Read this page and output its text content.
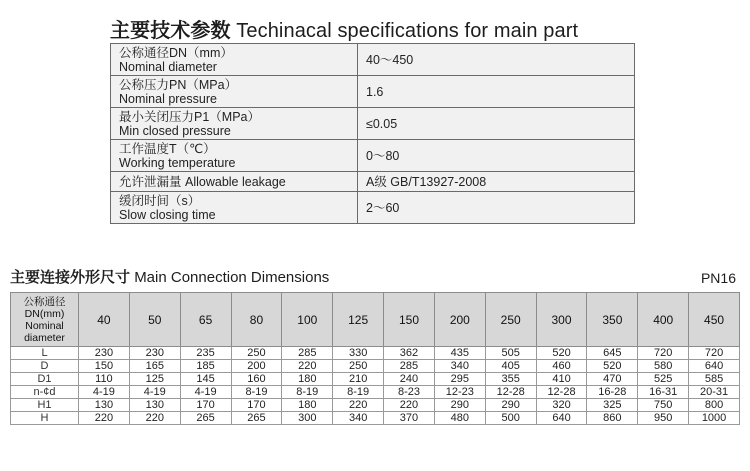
主要技术参数 Techinacal specifications for main part
公称通径DN（mm）
Nominal diameter	40～450

公称压力PN（MPa）
Nominal pressure	1.6

最小关闭压力P1（MPa）
Min closed pressure	≤0.05

工作温度T（℃）
Working temperature	0～80
允许泄漏量 Allowable leakage	A级 GB/T13927-2008

缓闭时间（s）
Slow closing time	2～60
主要连接外形尺寸 Main Connection Dimensions	PN16
公称通径
DN(mm)
Nominal
diameter	40	50	65	80	100	125	150	200	250	300	350	400	450
L	230	230	235	250	285	330	362	435	505	520	645	720	720
D	150	165	185	200	220	250	285	340	405	460	520	580	640
D1	110	125	145	160	180	210	240	295	355	410	470	525	585
n-¢d	4-19	4-19	4-19	8-19	8-19	8-19	8-23	12-23	12-28	12-28	16-28	16-31	20-31
H1	130	130	170	170	180	220	220	290	290	320	325	750	800
H	220	220	265	265	300	340	370	480	500	640	860	950	1000
